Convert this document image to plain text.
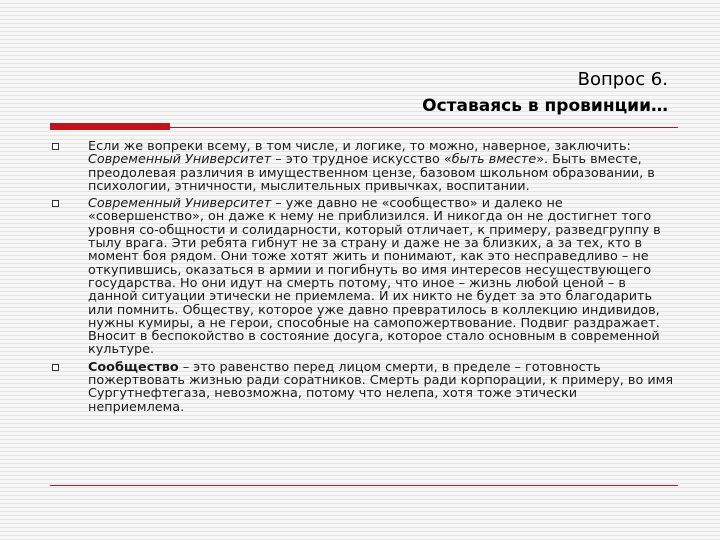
Вопрос 6.
Оставаясь в провинции…

Если же вопреки всему, в том числе, и логике, то можно, наверное, заключить: Современный Университет – это трудное искусство «быть вместе». Быть вместе, преодолевая различия в имущественном цензе, базовом школьном образовании, в психологии, этничности, мыслительных привычках, воспитании.

Современный Университет – уже давно не «сообщество» и далеко не «совершенство», он даже к нему не приблизился. И никогда он не достигнет того уровня со-общности и солидарности, который отличает, к примеру, разведгруппу в тылу врага. Эти ребята гибнут не за страну и даже не за близких, а за тех, кто в момент боя рядом. Они тоже хотят жить и понимают, как это несправедливо – не откупившись, оказаться в армии и погибнуть во имя интересов несуществующего государства. Но они идут на смерть потому, что иное – жизнь любой ценой – в данной ситуации этически не приемлема. И их никто не будет за это благодарить или помнить. Обществу, которое уже давно превратилось в коллекцию индивидов, нужны кумиры, а не герои, способные на самопожертвование. Подвиг раздражает. Вносит в беспокойство в состояние досуга, которое стало основным в современной культуре.

Сообщество – это равенство перед лицом смерти, в пределе – готовность пожертвовать жизнью ради соратников. Смерть ради корпорации, к примеру, во имя Сургутнефтегаза, невозможна, потому что нелепа, хотя тоже этически неприемлема.
